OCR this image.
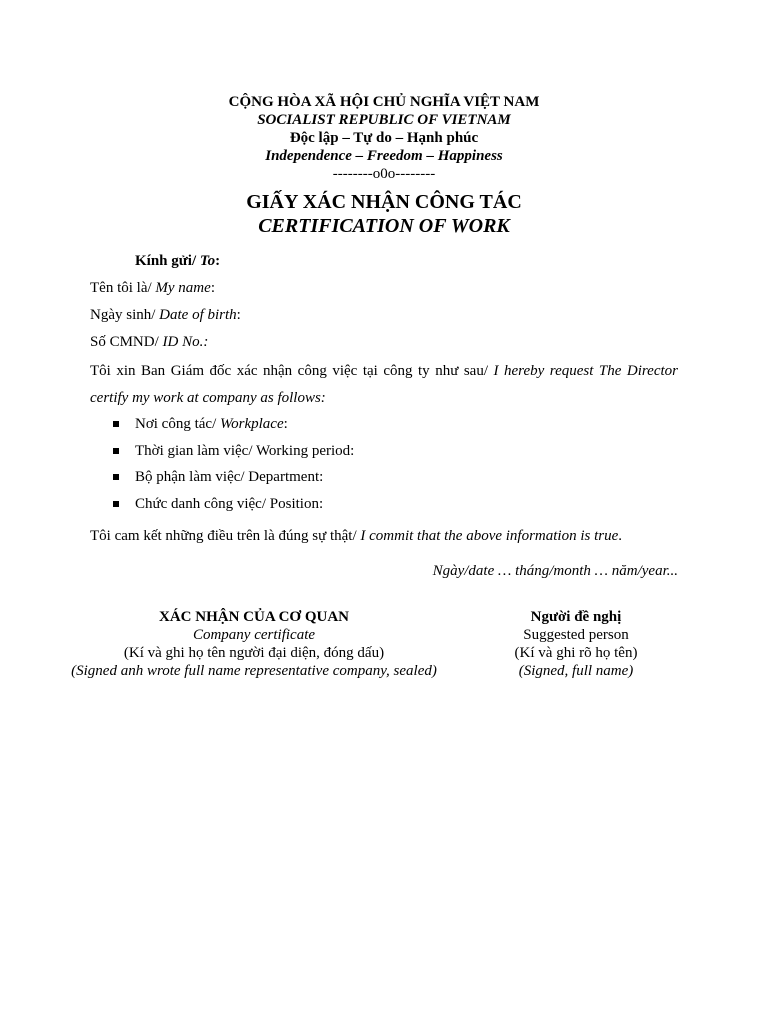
CỘNG HÒA XÃ HỘI CHỦ NGHĨA VIỆT NAM
SOCIALIST REPUBLIC OF VIETNAM
Độc lập – Tự do – Hạnh phúc
Independence – Freedom – Happiness
--------o0o--------
GIẤY XÁC NHẬN CÔNG TÁC
CERTIFICATION OF WORK
Kính gửi/ To:
Tên tôi là/ My name:
Ngày sinh/ Date of birth:
Số CMND/ ID No.:
Tôi xin Ban Giám đốc xác nhận công việc tại công ty như sau/ I hereby request The Director certify my work at company as follows:
Nơi công tác/ Workplace:
Thời gian làm việc/ Working period:
Bộ phận làm việc/ Department:
Chức danh công việc/ Position:
Tôi cam kết những điều trên là đúng sự thật/ I commit that the above information is true.
Ngày/date … tháng/month … năm/year...
XÁC NHẬN CỦA CƠ QUAN
Company certificate
(Kí và ghi họ tên người đại diện, đóng dấu)
(Signed anh wrote full name representative company, sealed)
Người đề nghị
Suggested person
(Kí và ghi rõ họ tên)
(Signed, full name)
